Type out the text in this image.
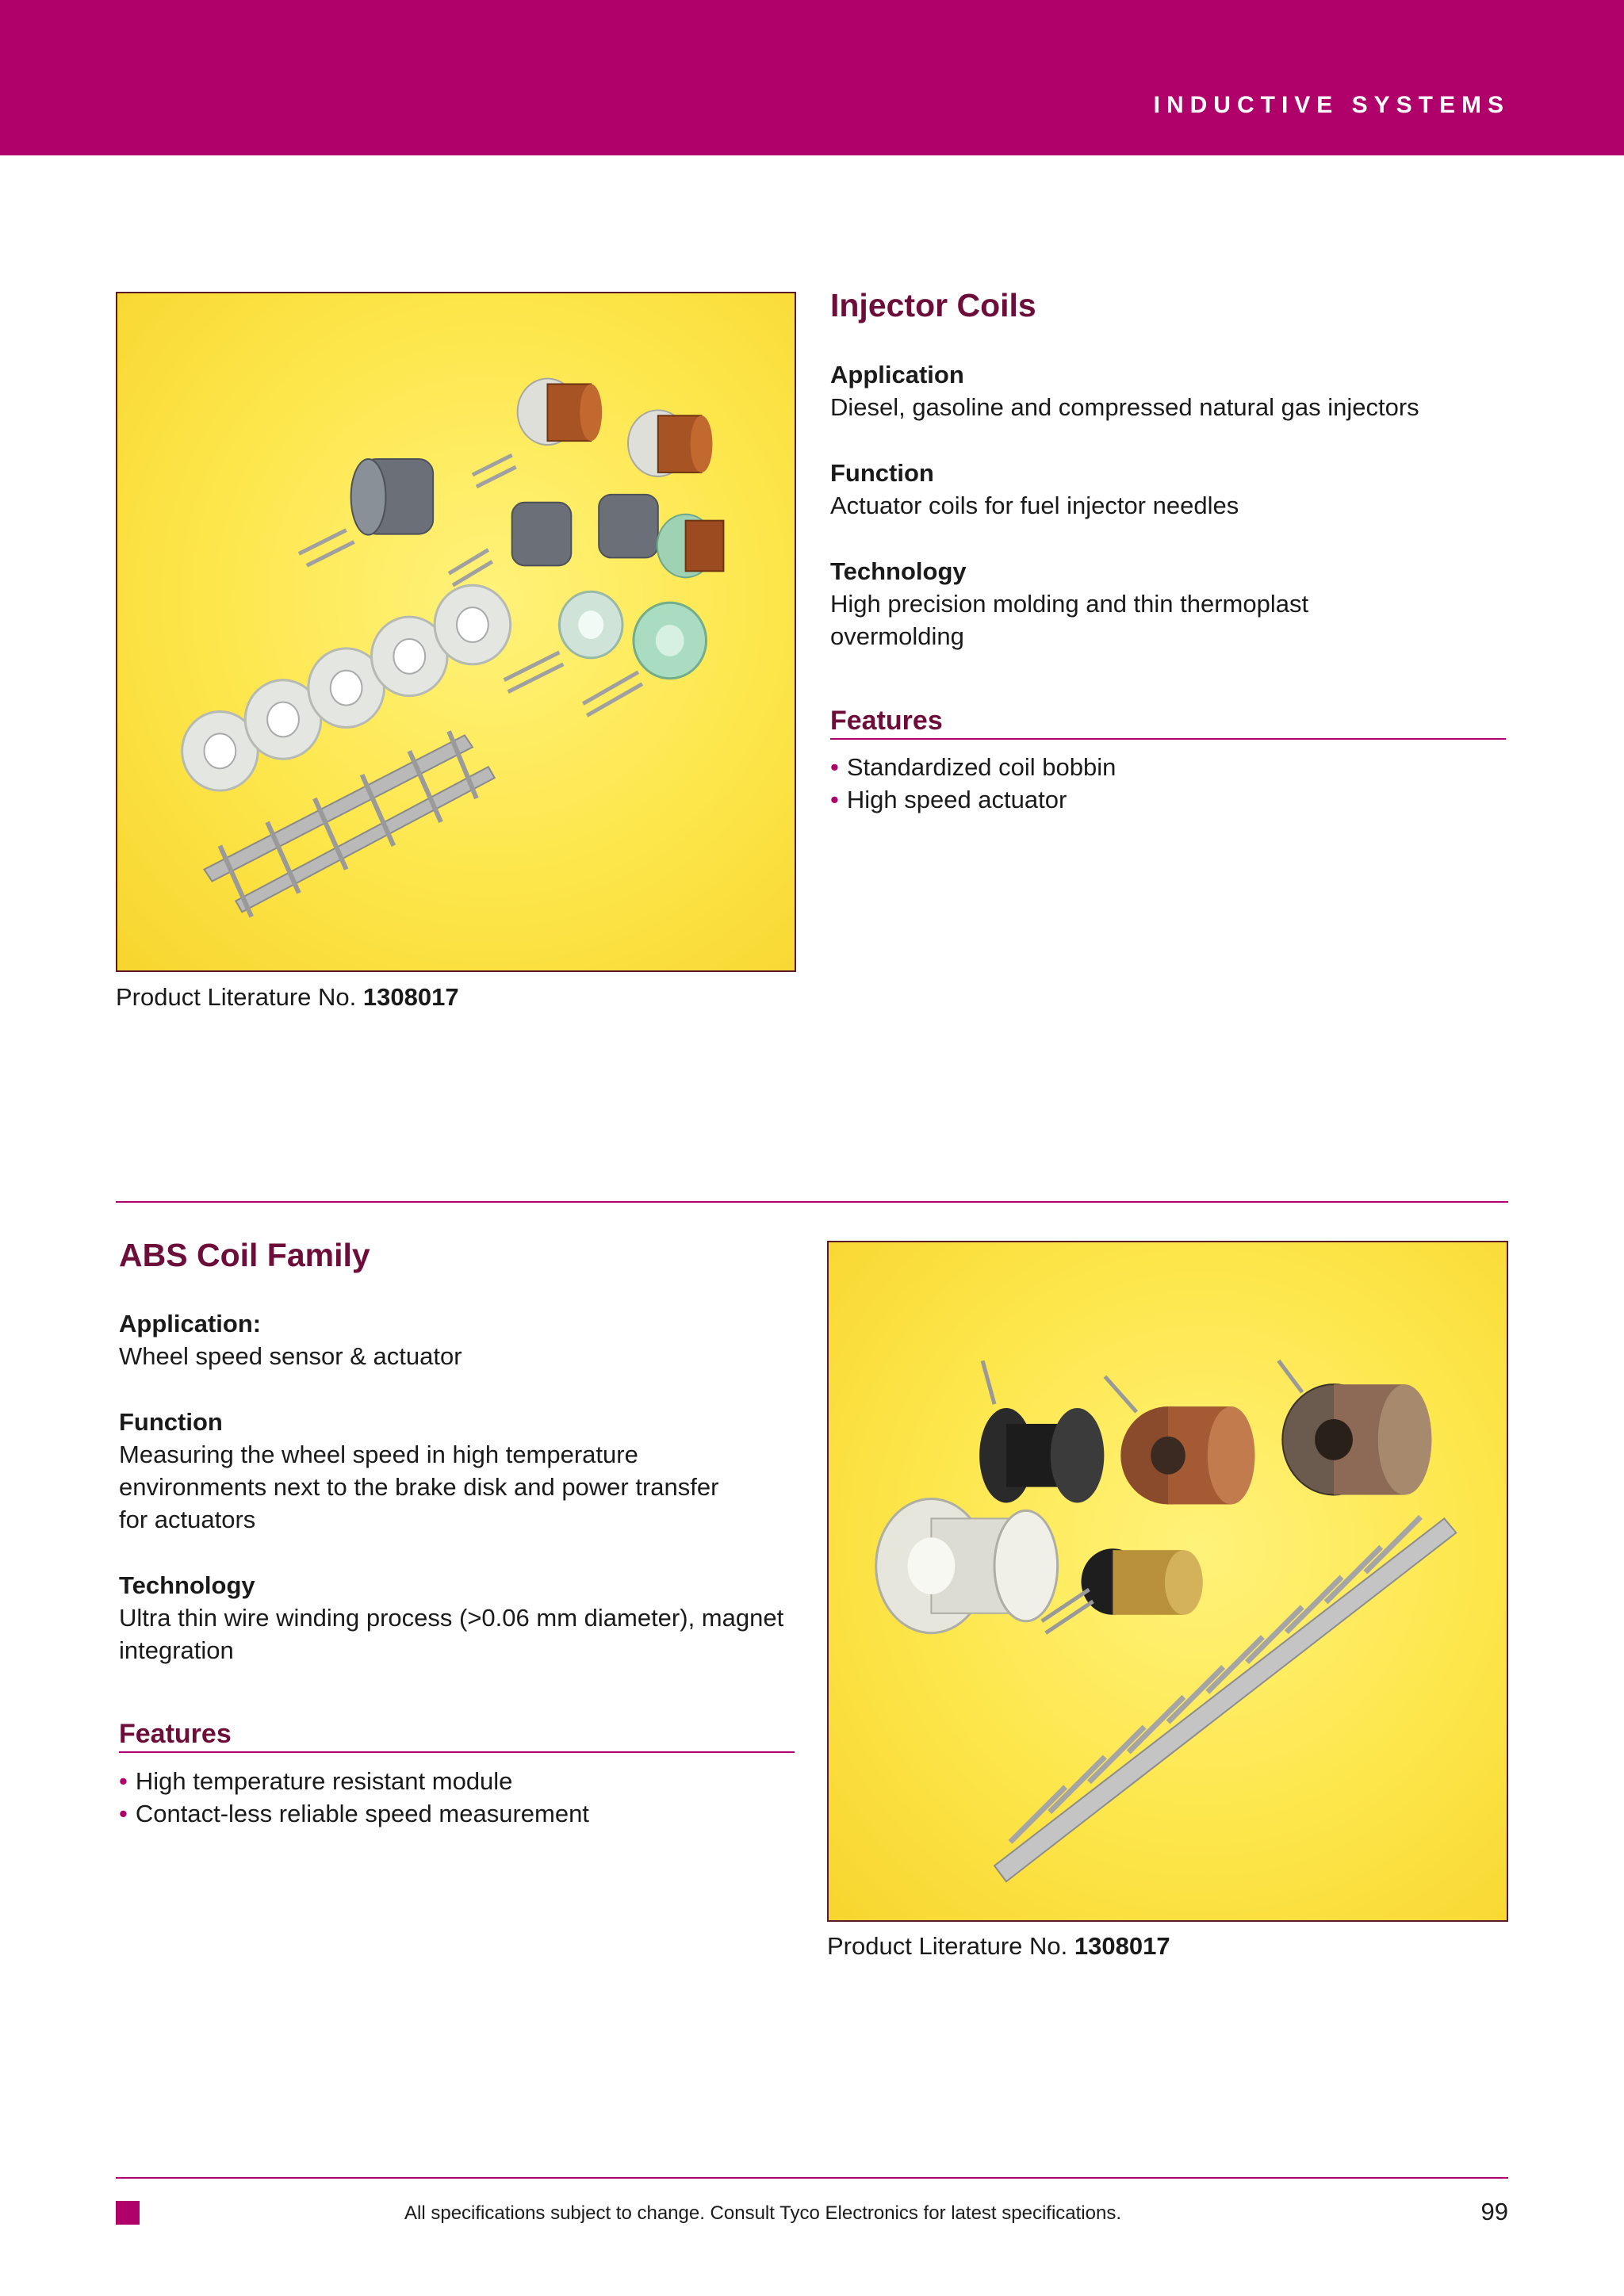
INDUCTIVE SYSTEMS
Product Literature No. 1308017
Injector Coils
Application
Diesel, gasoline and compressed natural gas injectors
Function
Actuator coils for fuel injector needles
Technology
High precision molding and thin thermoplast overmolding
Features
• Standardized coil bobbin
• High speed actuator
ABS Coil Family
Application:
Wheel speed sensor & actuator
Function
Measuring the wheel speed in high temperature environments next to the brake disk and power transfer for actuators
Technology
Ultra thin wire winding process (>0.06 mm diameter), magnet integration
Features
• High temperature resistant module
• Contact-less reliable speed measurement
Product Literature No. 1308017
All specifications subject to change. Consult Tyco Electronics for latest specifications.	99
